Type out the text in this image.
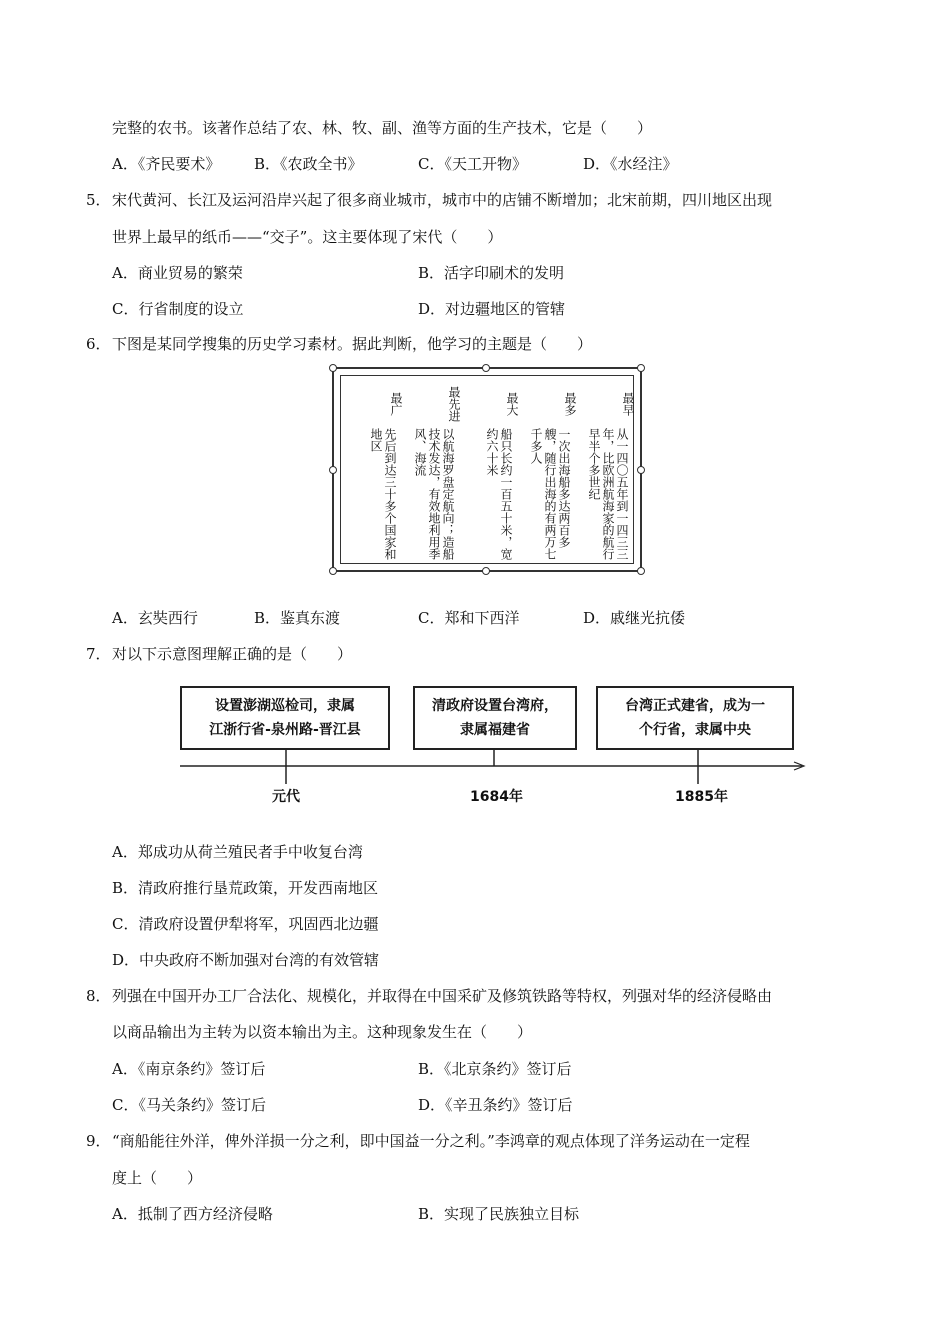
完整的农书。该著作总结了农、林、牧、副、渔等方面的生产技术，它是（　　）
A．《齐民要术》 B．《农政全书》	C．《天工开物》	D．《水经注》
5． 宋代黄河、长江及运河沿岸兴起了很多商业城市，城市中的店铺不断增加；北宋前期，四川地区出现
世界上最早的纸币——“交子”。这主要体现了宋代（　　）
A．商业贸易的繁荣	B．活字印刷术的发明
C．行省制度的设立	D．对边疆地区的管辖
6． 下图是某同学搜集的历史学习素材。据此判断，他学习的主题是（　　）
最广
先后到达三十多个国家和地区
最先进
以航海罗盘定航向；造船技术发达，有效地利用季风、海流
最大
船只长约一百五十米，宽约六十米
最多
一次出海船多达两百多艘，随行出海的有两万七千多人
最早
从一四〇五年到一四三三年，比欧洲航海家的航行早半个多世纪
A．玄奘西行	B．鉴真东渡	C．郑和下西洋	D．戚继光抗倭
7． 对以下示意图理解正确的是（　　）
设置澎湖巡检司，隶属
江浙行省-泉州路-晋江县
清政府设置台湾府，
隶属福建省
台湾正式建省，成为一
个行省，隶属中央
元代	1684年	1885年
A．郑成功从荷兰殖民者手中收复台湾
B．清政府推行垦荒政策，开发西南地区
C．清政府设置伊犁将军，巩固西北边疆
D．中央政府不断加强对台湾的有效管辖
8． 列强在中国开办工厂合法化、规模化，并取得在中国采矿及修筑铁路等特权，列强对华的经济侵略由
以商品输出为主转为以资本输出为主。这种现象发生在（　　）
A．《南京条约》签订后	B．《北京条约》签订后
C．《马关条约》签订后	D．《辛丑条约》签订后
9． “商船能往外洋，俾外洋损一分之利，即中国益一分之利。”李鸿章的观点体现了洋务运动在一定程
度上（　　）
A．抵制了西方经济侵略	B．实现了民族独立目标
